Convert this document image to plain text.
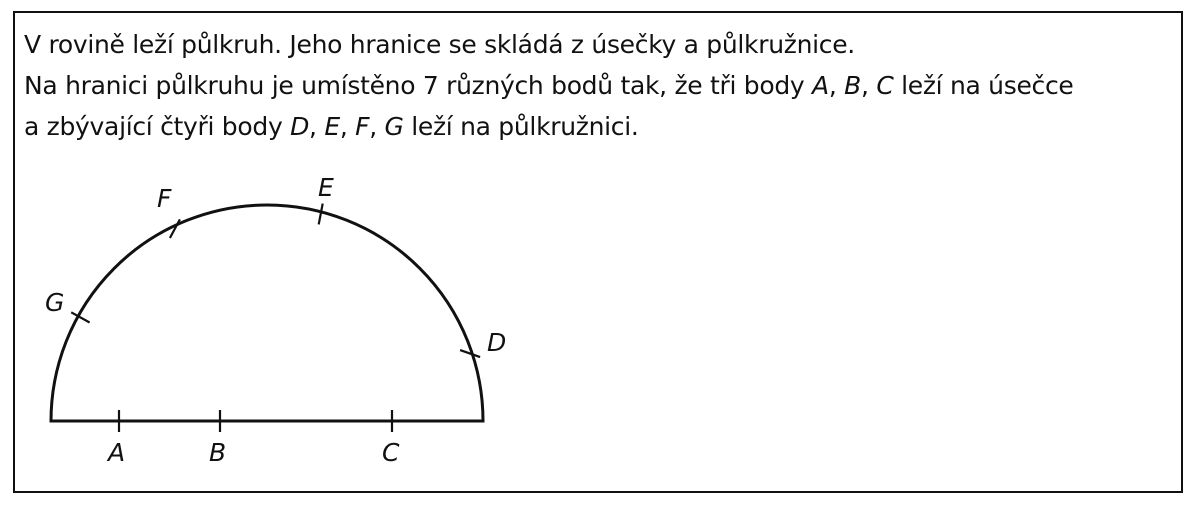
V rovině leží půlkruh. Jeho hranice se skládá z úsečky a půlkružnice.
Na hranici půlkruhu je umístěno 7 různých bodů tak, že tři body A, B, C leží na úsečce
a zbývající čtyři body D, E, F, G leží na půlkružnici.
A	B	C
D
E
F
G
